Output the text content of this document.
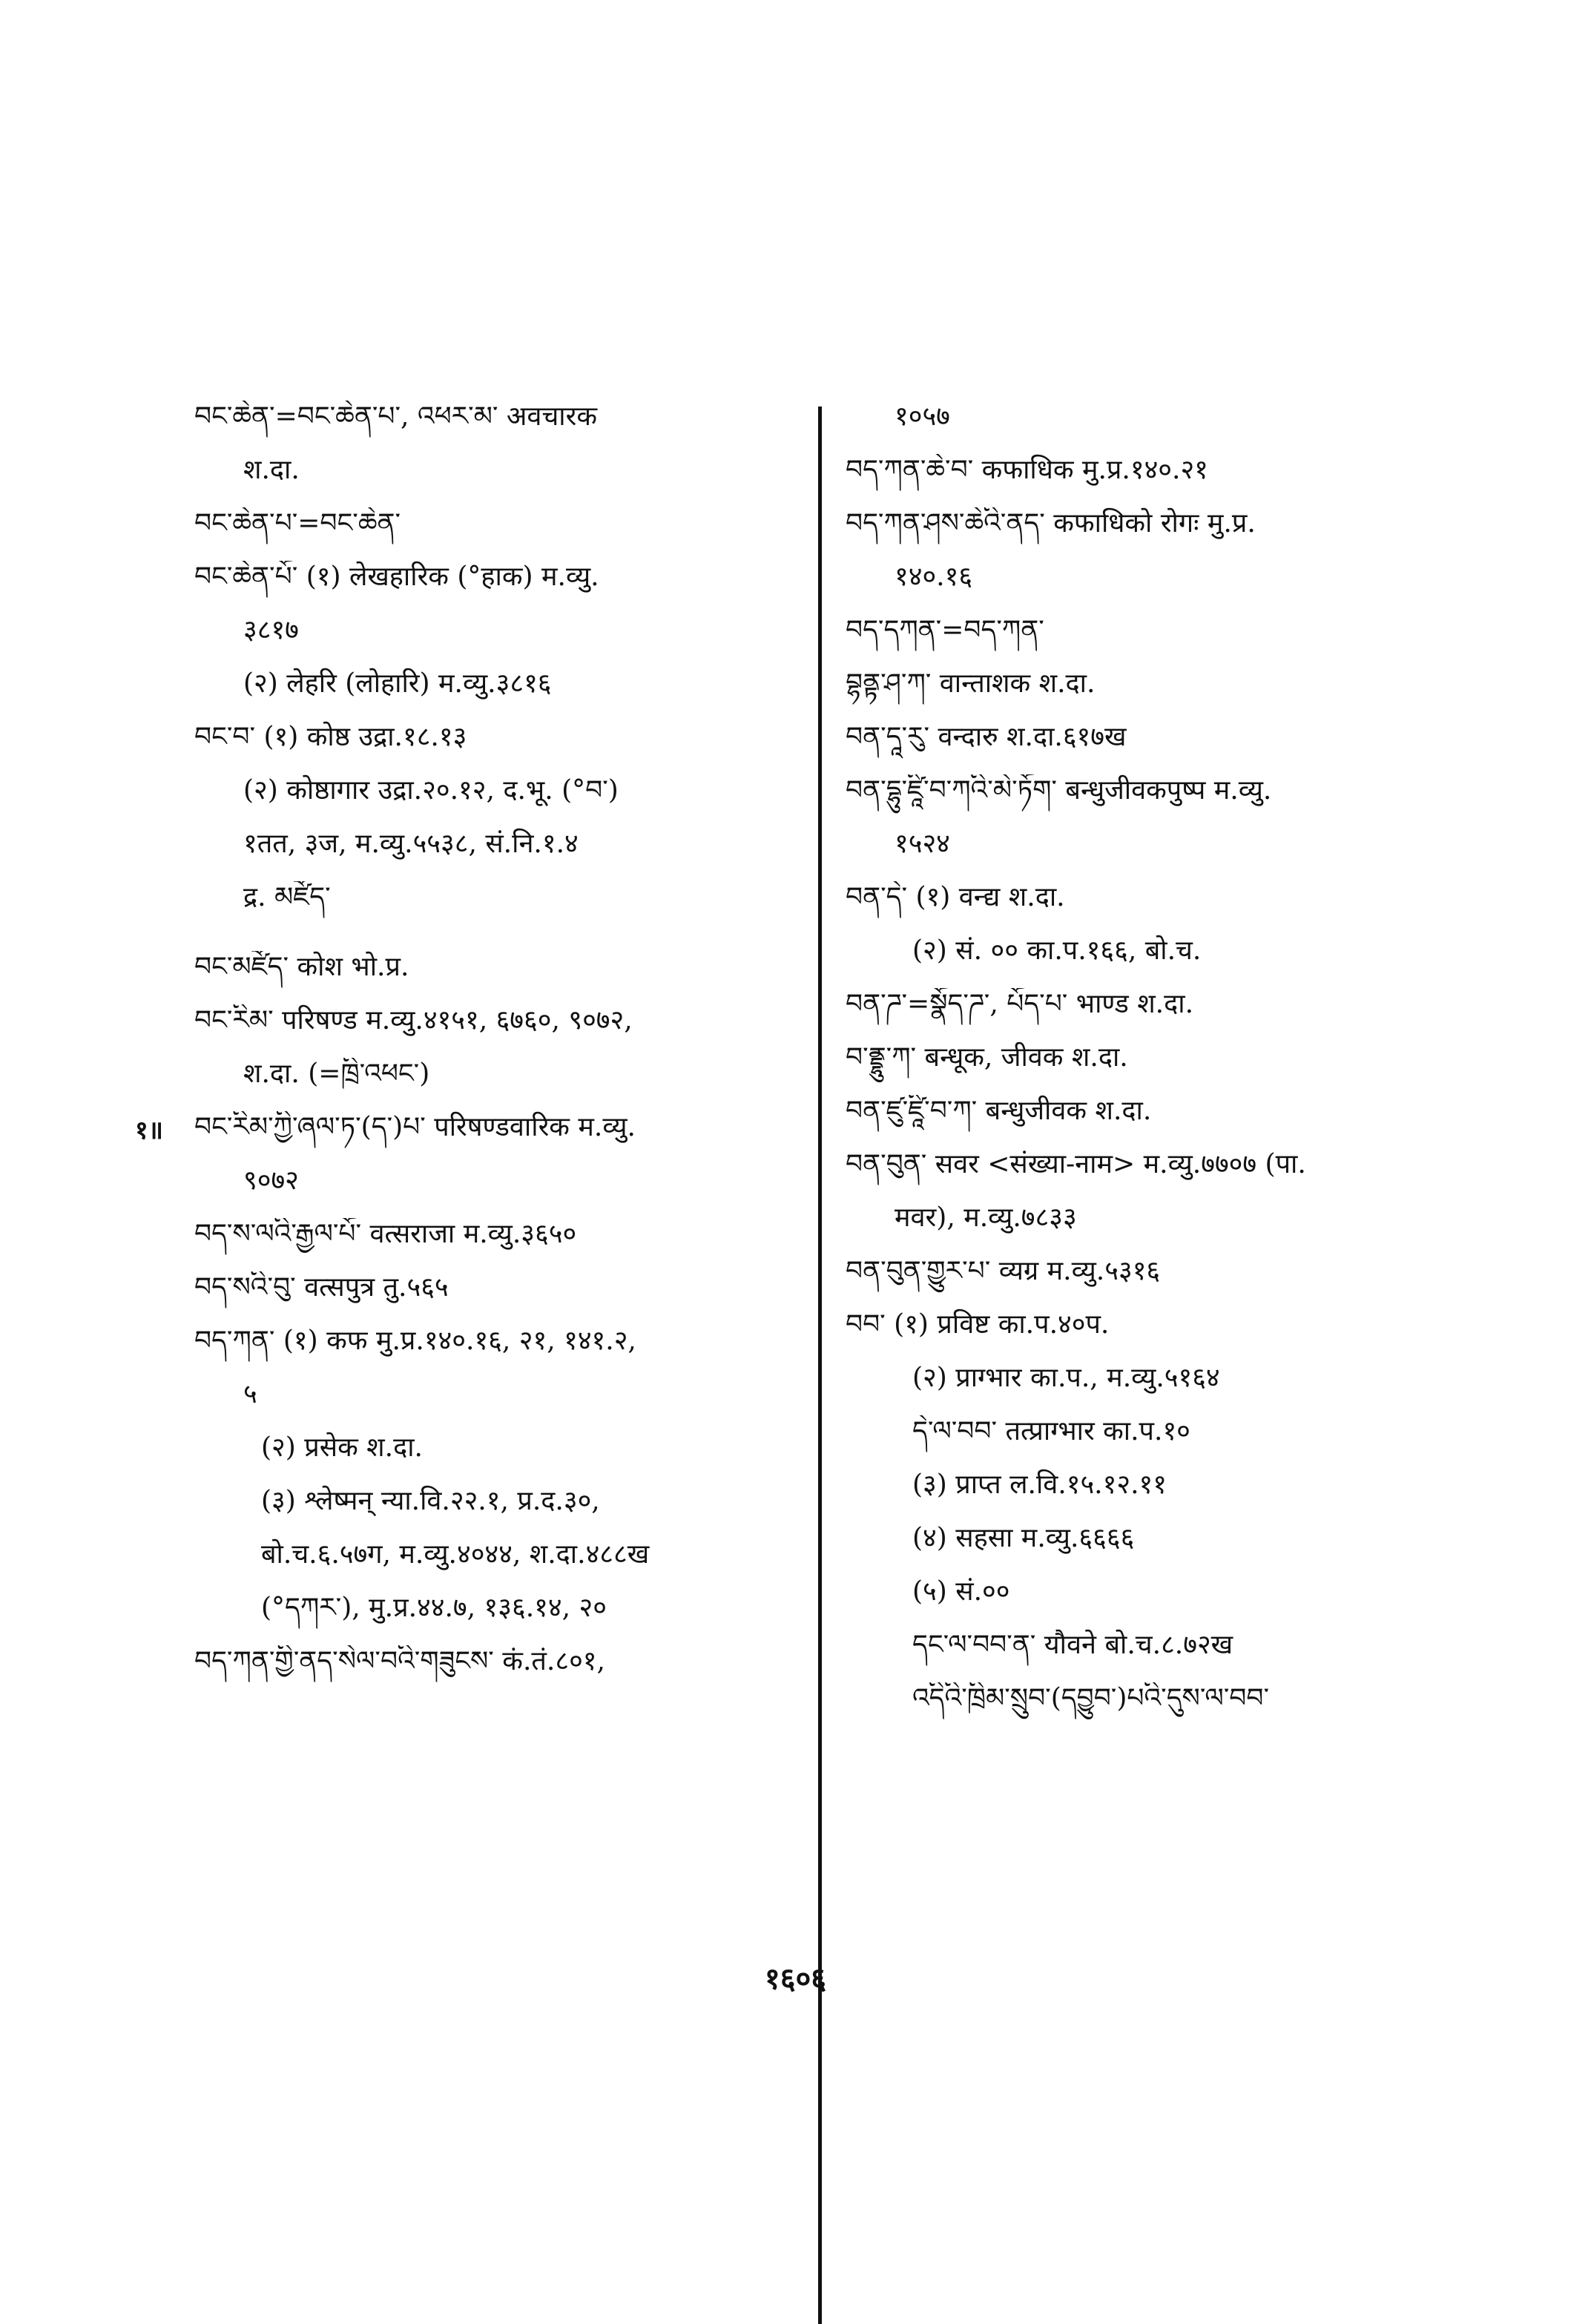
བང་ཆེན་=བང་ཆེན་པ་, འཕར་མ་ अवचारक
श.दा.
བང་ཆེན་པ་=བང་ཆེན་
བང་ཆེན་པོ་ (१) लेखहारिक (°हाक) म.व्यु.
३८१७
(२) लेहरि (लोहारि) म.व्यु.३८१६
བང་བ་ (१) कोष्ठ उद्रा.१८.१३
(२) कोष्ठागार उद्रा.२०.१२, द.भू. (°བ་)
१तत, ३ज, म.व्यु.५५३८, सं.नि.१.४
द्र. མཛོད་
བང་མཛོད་ कोश भो.प्र.
བང་རིམ་ परिषण्ड म.व्यु.४१५१, ६७६०, ९०७२,
श.दा. (=ཁྲི་འཕང་)
བང་རིམ་ཀྱི་ཞལ་ཏ་(ད་)པ་ परिषण्डवारिक म.व्यु.
९०७२
བད་ས་ལའི་རྒྱལ་པོ་ वत्सराजा म.व्यु.३६५०
བད་སའི་བུ་ वत्सपुत्र तु.५६५
བད་ཀན་ (१) कफ मु.प्र.१४०.१६, २१, १४१.२,
५
(२) प्रसेक श.दा.
(३) श्लेष्मन् न्या.वि.२२.१, प्र.द.३०,
बो.च.६.५७ग, म.व्यु.४०४४, श.दा.४८८ख
(°དཀར་), मु.प्र.४४.७, १३६.१४, २०
བད་ཀན་གྱི་ནད་སེལ་བའི་གཟུངས་ कं.तं.८०१,
१०५७
བད་ཀན་ཆེ་བ་ कफाधिक मु.प्र.१४०.२१
བད་ཀན་ཤས་ཆེའི་ནད་ कफाधिको रोगः मु.प्र.
१४०.१६
བད་དཀན་=བད་ཀན་
བྷནྟ་ཤ་ཀ་ वान्ताशक श.दा.
བན་དཱ་རུ་ वन्दारु श.दा.६१७ख
བན་དྷུ་ཛཱི་བ་ཀའི་མེ་ཏོག་ बन्धुजीवकपुष्प म.व्यु.
१५२४
བན་དེ་ (१) वन्द्य श.दा.
(२) सं. ०० का.प.१६६, बो.च.
བན་ཌ་=སྣོད་ཌ་, པོད་པ་ भाण्ड श.दा.
བ་ནྡྷུ་ཀ་ बन्धूक, जीवक श.दा.
བན་ཛུ་ཛཱི་བ་ཀ་ बन्धुजीवक श.दा.
བན་བུན་ सवर <संख्या-नाम> म.व्यु.७७०७ (पा.
मवर), म.व्यु.७८३३
བན་བུན་གྱུར་པ་ व्यग्र म.व्यु.५३१६
བབ་ (१) प्रविष्ट का.प.४०प.
(२) प्राग्भार का.प., म.व्यु.५१६४
དེ་ལ་བབ་ तत्प्राग्भार का.प.१०
(३) प्राप्त ल.वि.१५.१२.११
(४) सहसा म.व्यु.६६६६
(५) सं.००
དང་ལ་བབ་ན་ यौवने बो.च.८.७२ख
འདིའི་ཁྲིམ་སྲུབ་(དབྱུབ་)པའི་དུས་ལ་བབ་
१॥
१६०६
